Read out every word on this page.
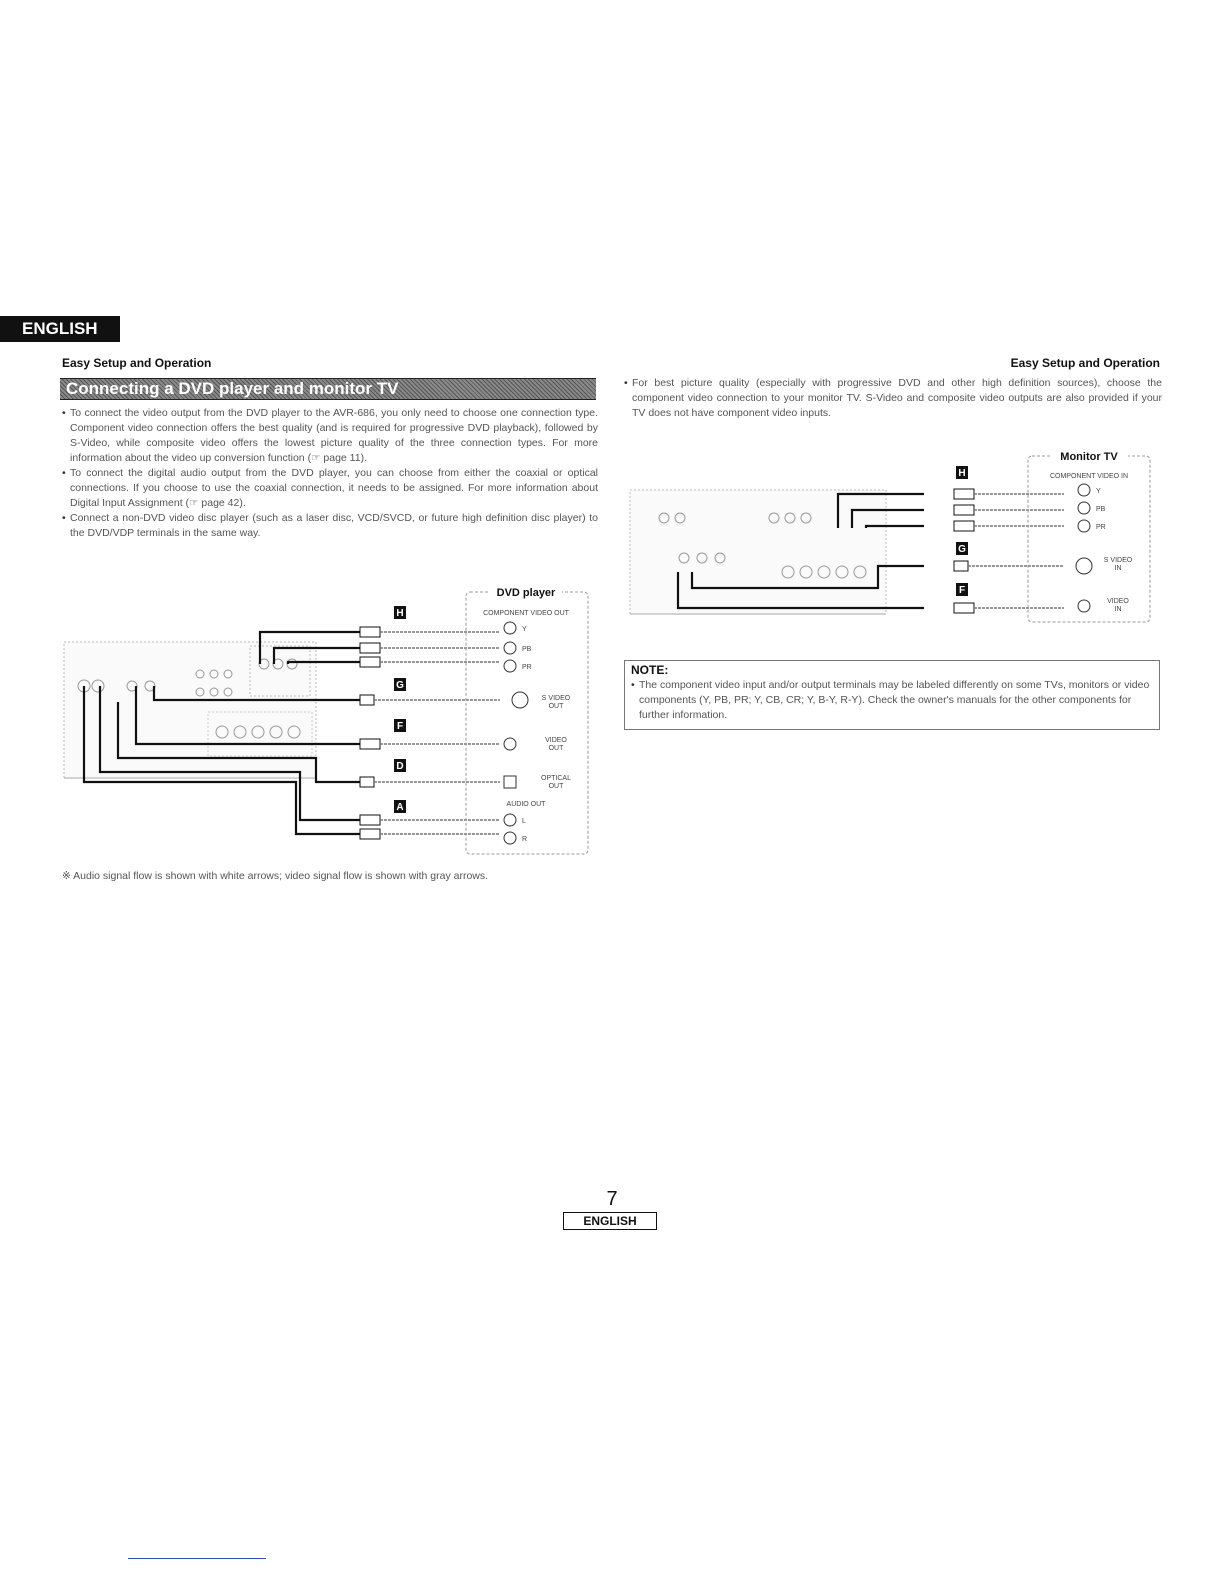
ENGLISH
Easy Setup and Operation	Easy Setup and Operation
Connecting a DVD player and monitor TV
• To connect the video output from the DVD player to the AVR-686, you only need to choose one connection type. Component video connection offers the best quality (and is required for progressive DVD playback), followed by S-Video, while composite video offers the lowest picture quality of the three connection types. For more information about the video up conversion function (☞ page 11).
• To connect the digital audio output from the DVD player, you can choose from either the coaxial or optical connections. If you choose to use the coaxial connection, it needs to be assigned. For more information about Digital Input Assignment (☞ page 42).
• Connect a non-DVD video disc player (such as a laser disc, VCD/SVCD, or future high definition disc player) to the DVD/VDP terminals in the same way.
• For best picture quality (especially with progressive DVD and other high definition sources), choose the component video connection to your monitor TV. S-Video and composite video outputs are also provided if your TV does not have component video inputs.
H
G
F
D
A
DVD player
COMPONENT VIDEO OUT
Y
PB
PR
S VIDEO
OUT
VIDEO
OUT
OPTICAL
OUT
AUDIO OUT
L
R
H
G
F
Monitor TV
COMPONENT VIDEO IN
Y
PB
PR
S VIDEO
IN
VIDEO
IN
※ Audio signal flow is shown with white arrows; video signal flow is shown with gray arrows.
NOTE:

• The component video input and/or output terminals may be labeled differently on some TVs, monitors or video components (Y, PB, PR; Y, CB, CR; Y, B-Y, R-Y). Check the owner's manuals for the other components for further information.

7
ENGLISH
